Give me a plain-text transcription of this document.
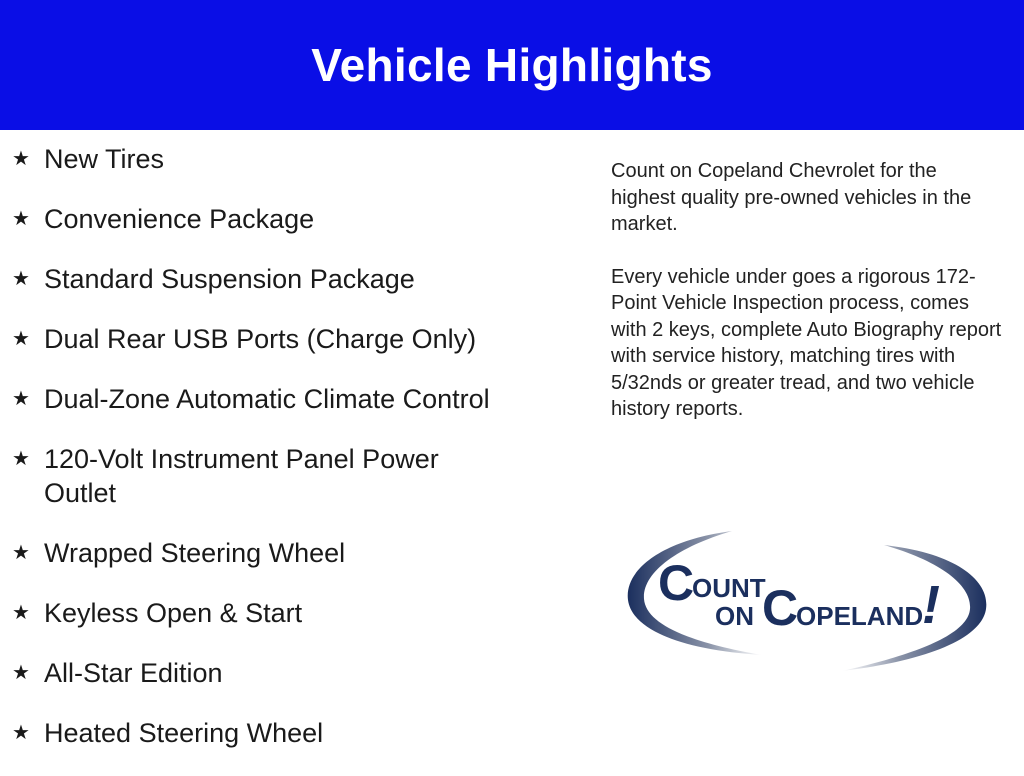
Vehicle Highlights
★ New Tires
★ Convenience Package
★ Standard Suspension Package
★ Dual Rear USB Ports (Charge Only)
★ Dual-Zone Automatic Climate Control
★ 120-Volt Instrument Panel Power Outlet
★ Wrapped Steering Wheel
★ Keyless Open & Start
★ All-Star Edition
★ Heated Steering Wheel

Count on Copeland Chevrolet for the highest quality pre-owned vehicles in the market.

Every vehicle under goes a rigorous 172-Point Vehicle Inspection process, comes with 2 keys, complete Auto Biography report with service history, matching tires with 5/32nds or greater tread, and two vehicle history reports.

C
OUNT
ON C
OPELAND
!
